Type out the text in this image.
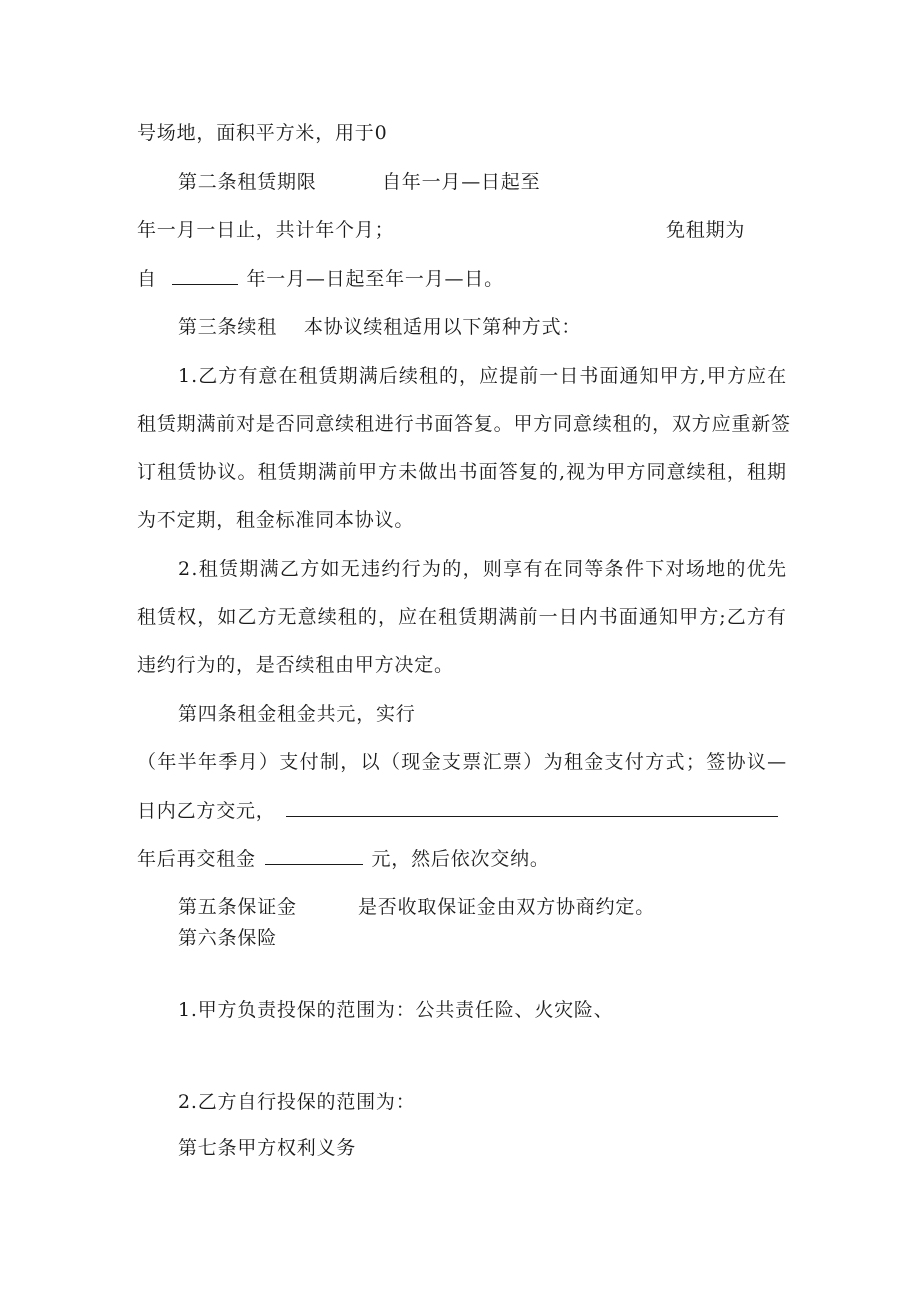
号场地，面积平方米，用于0
第二条租赁期限	自年一月—日起至
年一月一日止，共计年个月；	免租期为
自	年一月—日起至年一月—日。
第三条续租 本协议续租适用以下第种方式：
1 . 乙 方 有 意 在 租 赁 期 满 后 续 租 的 ， 应 提 前 一 日 书 面 通 知 甲 方 , 甲 方 应 在
租 赁 期 满 前 对 是 否 同 意 续 租 进 行 书 面 答 复 。 甲 方 同 意 续 租 的 ， 双 方 应 重 新 签
订 租 赁 协 议 。 租 赁 期 满 前 甲 方 未 做 出 书 面 答 复 的 , 视 为 甲 方 同 意 续 租 ， 租 期
为不定期，租金标准同本协议。
2 . 租 赁 期 满 乙 方 如 无 违 约 行 为 的 ， 则 享 有 在 同 等 条 件 下 对 场 地 的 优 先
租 赁 权 ， 如 乙 方 无 意 续 租 的 ， 应 在 租 赁 期 满 前 一 日 内 书 面 通 知 甲 方 ; 乙 方 有
违约行为的，是否续租由甲方决定。
第四条租金租金共元，实行
（ 年 半 年 季 月 ） 支 付 制 ， 以 （ 现 金 支 票 汇 票 ） 为 租 金 支 付 方 式 ； 签 协 议 —
日内乙方交元，
年后再交租金	元，然后依次交纳。
第五条保证金	是否收取保证金由双方协商约定。
第六条保险
1.甲方负责投保的范围为：公共责任险、火灾险、
2.乙方自行投保的范围为：
第七条甲方权利义务
